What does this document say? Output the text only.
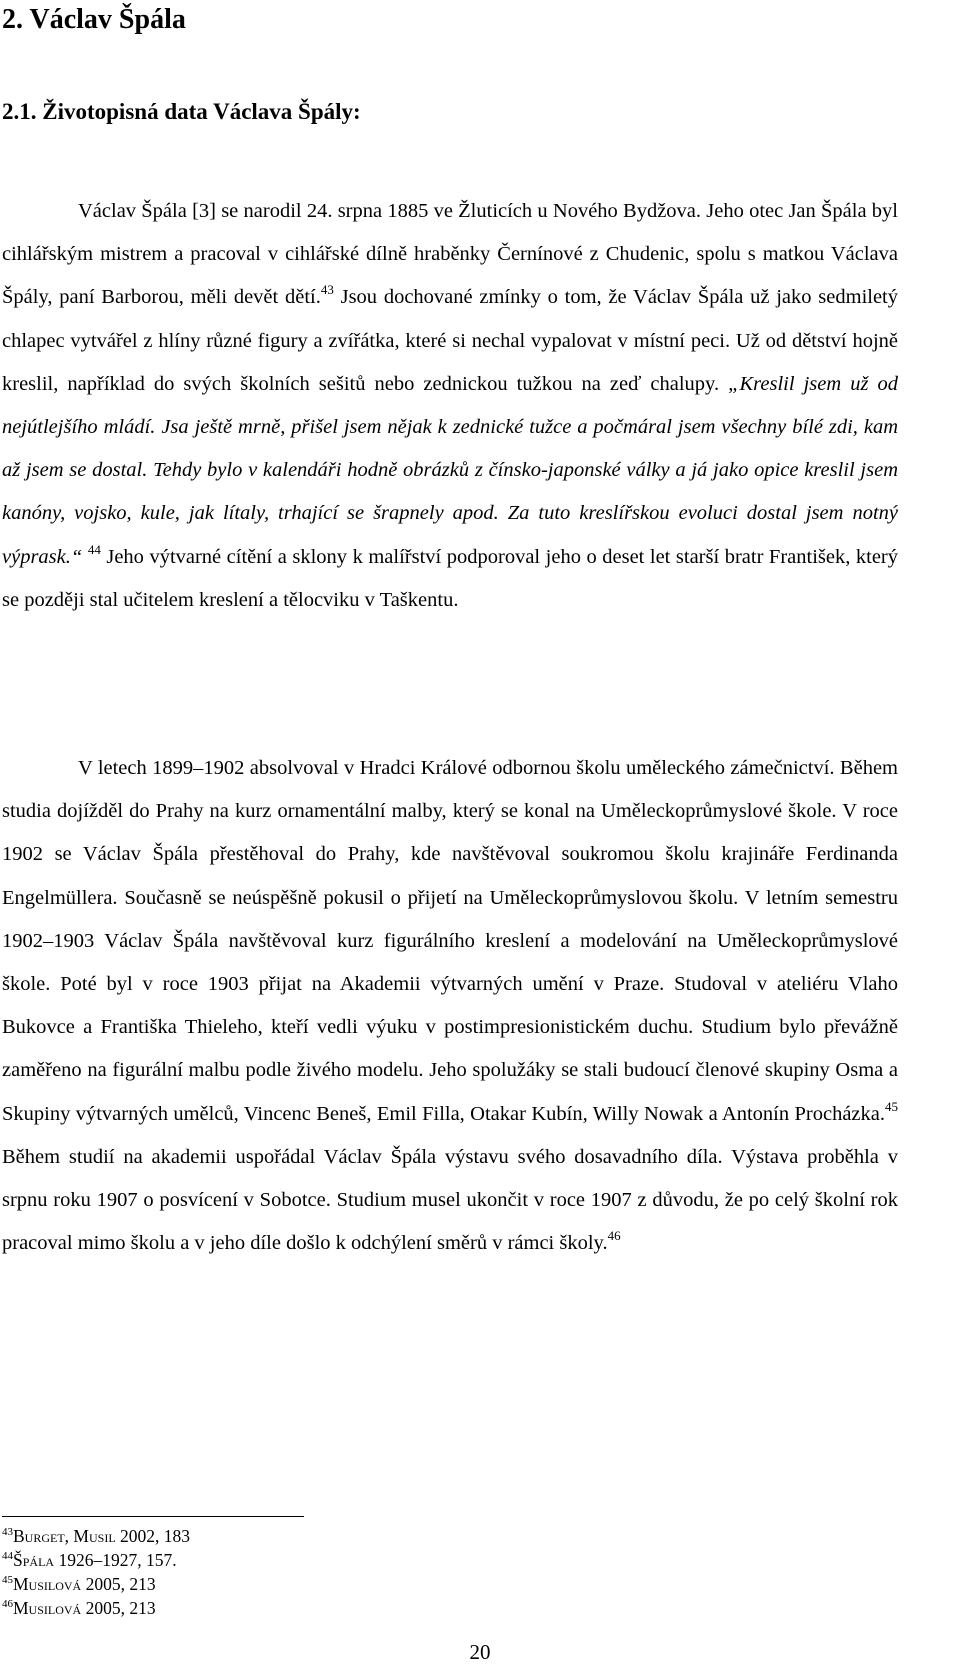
2. Václav Špála
2.1. Životopisná data Václava Špály:

Václav Špála [3] se narodil 24. srpna 1885 ve Žluticích u Nového Bydžova. Jeho otec Jan Špála byl cihlářským mistrem a pracoval v cihlářské dílně hraběnky Černínové z Chudenic, spolu s matkou Václava Špály, paní Barborou, měli devět dětí.$^{43}$ Jsou dochované zmínky o tom, že Václav Špála už jako sedmiletý chlapec vytvářel z hlíny různé figury a zvířátka, které si nechal vypalovat v místní peci. Už od dětství hojně kreslil, například do svých školních sešitů nebo zednickou tužkou na zeď chalupy. „Kreslil jsem už od nejútlejšího mládí. Jsa ještě mrně, přišel jsem nějak k zednické tužce a počmáral jsem všechny bílé zdi, kam až jsem se dostal. Tehdy bylo v kalendáři hodně obrázků z čínsko-japonské války a já jako opice kreslil jsem kanóny, vojsko, kule, jak lítaly, trhající se šrapnely apod. Za tuto kreslířskou evoluci dostal jsem notný výprask.“ $^{44}$ Jeho výtvarné cítění a sklony k malířství podporoval jeho o deset let starší bratr František, který se později stal učitelem kreslení a tělocviku v Taškentu.

V letech 1899–1902 absolvoval v Hradci Králové odbornou školu uměleckého zámečnictví. Během studia dojížděl do Prahy na kurz ornamentální malby, který se konal na Uměleckoprůmyslové škole. V roce 1902 se Václav Špála přestěhoval do Prahy, kde navštěvoval soukromou školu krajináře Ferdinanda Engelmüllera. Současně se neúspěšně pokusil o přijetí na Uměleckoprůmyslovou školu. V letním semestru 1902–1903 Václav Špála navštěvoval kurz figurálního kreslení a modelování na Uměleckoprůmyslové škole. Poté byl v roce 1903 přijat na Akademii výtvarných umění v Praze. Studoval v ateliéru Vlaho Bukovce a Františka Thieleho, kteří vedli výuku v postimpresionistickém duchu. Studium bylo převážně zaměřeno na figurální malbu podle živého modelu. Jeho spolužáky se stali budoucí členové skupiny Osma a Skupiny výtvarných umělců, Vincenc Beneš, Emil Filla, Otakar Kubín, Willy Nowak a Antonín Procházka.$^{45}$ Během studií na akademii uspořádal Václav Špála výstavu svého dosavadního díla. Výstava proběhla v srpnu roku 1907 o posvícení v Sobotce. Studium musel ukončit v roce 1907 z důvodu, že po celý školní rok pracoval mimo školu a v jeho díle došlo k odchýlení směrů v rámci školy.$^{46}$

$^{43}$Burget, Musil 2002, 183
$^{44}$Špála 1926–1927, 157.
$^{45}$Musilová 2005, 213
$^{46}$Musilová 2005, 213
20
